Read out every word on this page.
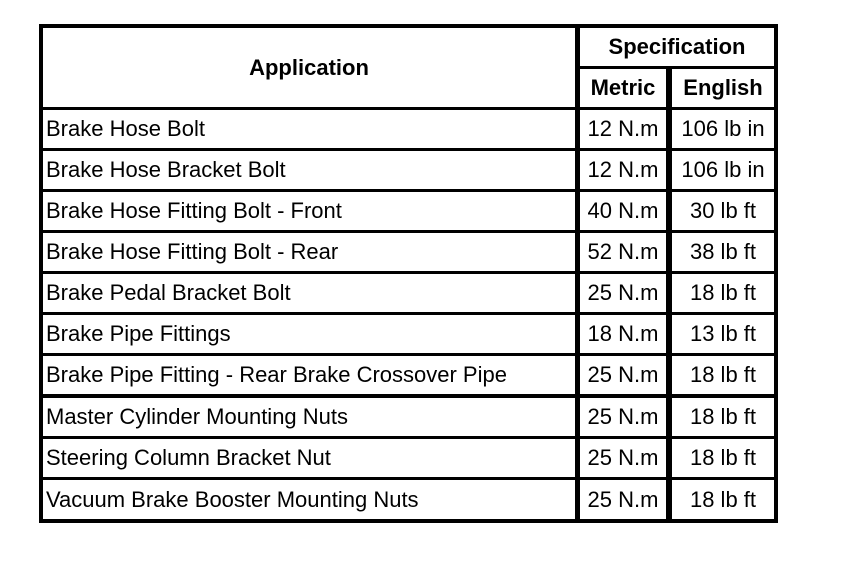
Application
Specification
Metric	English
Brake Hose Bolt	12 N.m	106 lb in
Brake Hose Bracket Bolt	12 N.m	106 lb in
Brake Hose Fitting Bolt - Front	40 N.m	30 lb ft
Brake Hose Fitting Bolt - Rear	52 N.m	38 lb ft
Brake Pedal Bracket Bolt	25 N.m	18 lb ft
Brake Pipe Fittings	18 N.m	13 lb ft
Brake Pipe Fitting - Rear Brake Crossover Pipe	25 N.m	18 lb ft
Master Cylinder Mounting Nuts	25 N.m	18 lb ft
Steering Column Bracket Nut	25 N.m	18 lb ft
Vacuum Brake Booster Mounting Nuts	25 N.m	18 lb ft
